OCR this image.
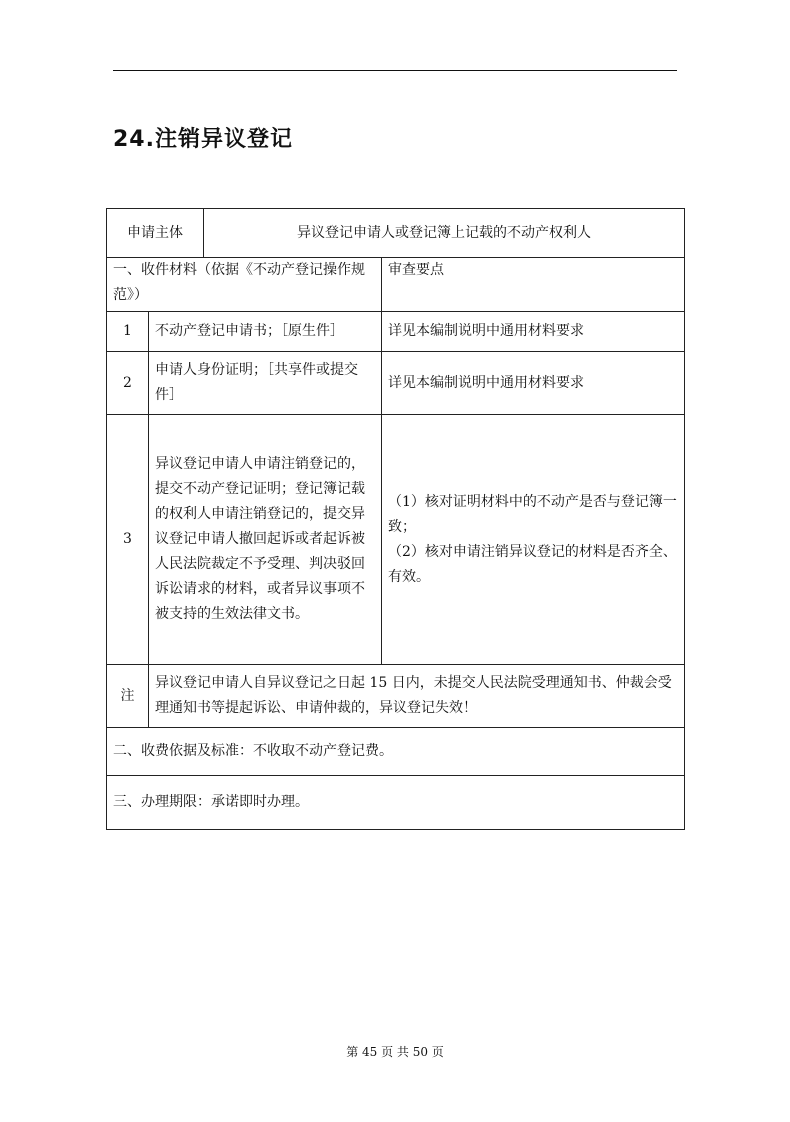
24.注销异议登记
申请主体		异议登记申请人或登记簿上记载的不动产权利人	
一、收件材料（依据《不动产登记操作规范》）			审查要点
1	不动产登记申请书；［原生件］		详见本编制说明中通用材料要求
2	申请人身份证明；［共享件或提交件］		详见本编制说明中通用材料要求
3	异议登记申请人申请注销登记的，提交不动产登记证明；登记簿记载的权利人申请注销登记的，提交异议登记申请人撤回起诉或者起诉被人民法院裁定不予受理、判决驳回诉讼请求的材料，或者异议事项不被支持的生效法律文书。		（1）核对证明材料中的不动产是否与登记簿一致；
（2）核对申请注销异议登记的材料是否齐全、有效。

注	异议登记申请人自异议登记之日起 15 日内，未提交人民法院受理通知书、仲裁会受理通知书等提起诉讼、申请仲裁的，异议登记失效！		
二、收费依据及标准：不收取不动产登记费。			
三、办理期限：承诺即时办理。			
第 45 页 共 50 页
